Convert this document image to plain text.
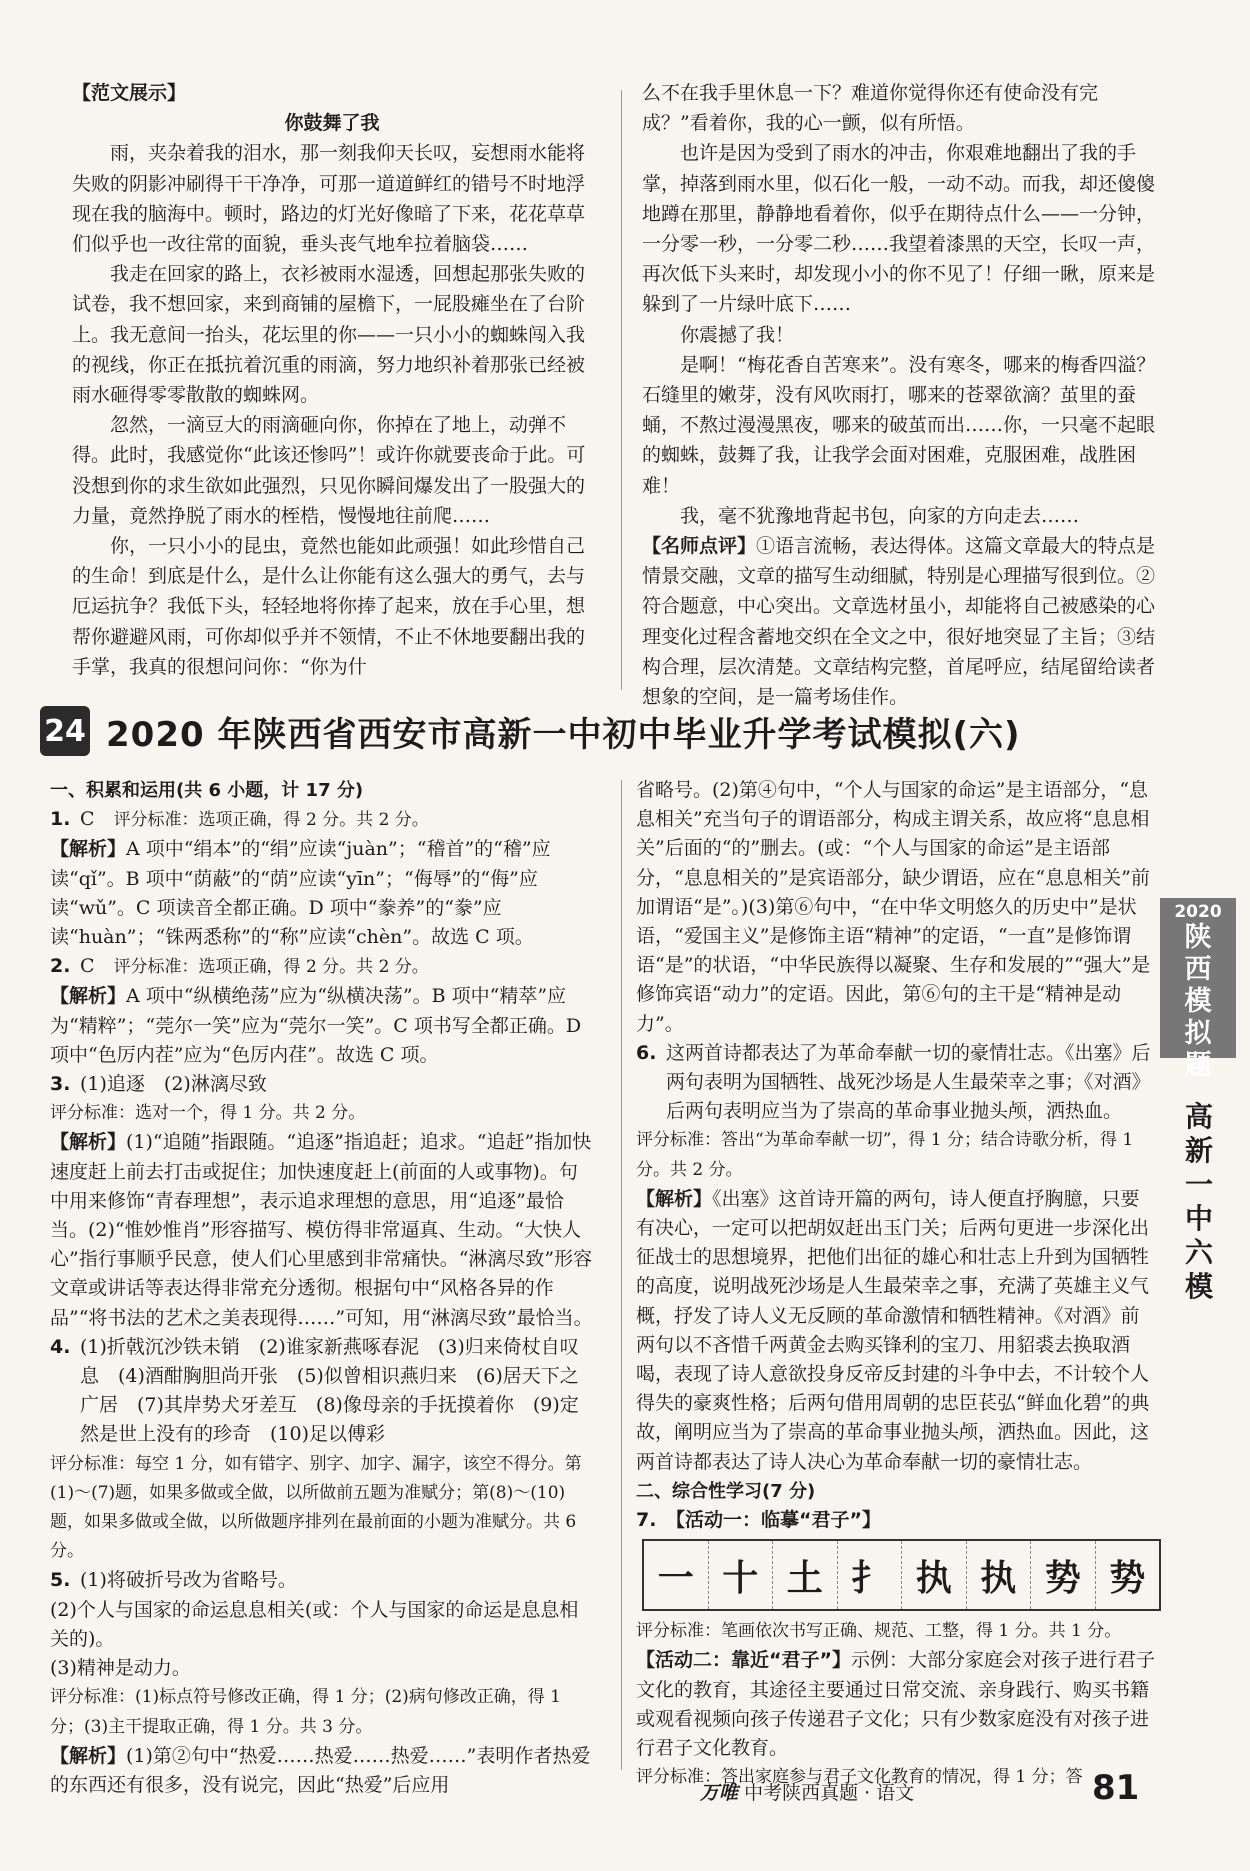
【范文展示】

你鼓舞了我

雨，夹杂着我的泪水，那一刻我仰天长叹，妄想雨水能将失败的阴影冲刷得干干净净，可那一道道鲜红的错号不时地浮现在我的脑海中。顿时，路边的灯光好像暗了下来，花花草草们似乎也一改往常的面貌，垂头丧气地牟拉着脑袋……

我走在回家的路上，衣衫被雨水湿透，回想起那张失败的试卷，我不想回家，来到商铺的屋檐下，一屁股瘫坐在了台阶上。我无意间一抬头，花坛里的你——一只小小的蜘蛛闯入我的视线，你正在抵抗着沉重的雨滴，努力地织补着那张已经被雨水砸得零零散散的蜘蛛网。

忽然，一滴豆大的雨滴砸向你，你掉在了地上，动弹不得。此时，我感觉你“此该还惨吗”！或许你就要丧命于此。可没想到你的求生欲如此强烈，只见你瞬间爆发出了一股强大的力量，竟然挣脱了雨水的桎梏，慢慢地往前爬……

你，一只小小的昆虫，竟然也能如此顽强！如此珍惜自己的生命！到底是什么，是什么让你能有这么强大的勇气，去与厄运抗争？我低下头，轻轻地将你捧了起来，放在手心里，想帮你避避风雨，可你却似乎并不领情，不止不休地要翻出我的手掌，我真的很想问问你：“你为什

么不在我手里休息一下？难道你觉得你还有使命没有完成？”看着你，我的心一颤，似有所悟。

也许是因为受到了雨水的冲击，你艰难地翻出了我的手掌，掉落到雨水里，似石化一般，一动不动。而我，却还傻傻地蹲在那里，静静地看着你，似乎在期待点什么——一分钟，一分零一秒，一分零二秒……我望着漆黑的天空，长叹一声，再次低下头来时，却发现小小的你不见了！仔细一瞅，原来是躲到了一片绿叶底下……

你震撼了我！

是啊！“梅花香自苦寒来”。没有寒冬，哪来的梅香四溢？石缝里的嫩芽，没有风吹雨打，哪来的苍翠欲滴？茧里的蚕蛹，不熬过漫漫黑夜，哪来的破茧而出……你，一只毫不起眼的蜘蛛，鼓舞了我，让我学会面对困难，克服困难，战胜困难！

我，毫不犹豫地背起书包，向家的方向走去……

【名师点评】①语言流畅，表达得体。这篇文章最大的特点是情景交融，文章的描写生动细腻，特别是心理描写很到位。②符合题意，中心突出。文章选材虽小，却能将自己被感染的心理变化过程含蓄地交织在全文之中，很好地突显了主旨；③结构合理，层次清楚。文章结构完整，首尾呼应，结尾留给读者想象的空间，是一篇考场佳作。

24 2020 年陕西省西安市高新一中初中毕业升学考试模拟(六)

一、积累和运用(共 6 小题，计 17 分)

1. C　 评分标准：选项正确，得 2 分。共 2 分。

【解析】A 项中“绢本”的“绢”应读“juàn”；“稽首”的“稽”应读“qǐ”。B 项中“荫蔽”的“荫”应读“yīn”；“侮辱”的“侮”应读“wǔ”。C 项读音全都正确。D 项中“豢养”的“豢”应读“huàn”；“铢两悉称”的“称”应读“chèn”。故选 C 项。

2. C　 评分标准：选项正确，得 2 分。共 2 分。

【解析】A 项中“纵横绝荡”应为“纵横决荡”。B 项中“精萃”应为“精粹”；“莞尔一笑”应为“莞尔一笑”。C 项书写全都正确。D 项中“色厉内茬”应为“色厉内荏”。故选 C 项。

3. (1)追逐　(2)淋漓尽致

评分标准：选对一个，得 1 分。共 2 分。

【解析】(1)“追随”指跟随。“追逐”指追赶；追求。“追赶”指加快速度赶上前去打击或捉住；加快速度赶上(前面的人或事物)。句中用来修饰“青春理想”，表示追求理想的意思，用“追逐”最恰当。(2)“惟妙惟肖”形容描写、模仿得非常逼真、生动。“大快人心”指行事顺乎民意，使人们心里感到非常痛快。“淋漓尽致”形容文章或讲话等表达得非常充分透彻。根据句中“风格各异的作品”“将书法的艺术之美表现得……”可知，用“淋漓尽致”最恰当。

4. (1)折戟沉沙铁未销　(2)谁家新燕啄春泥　(3)归来倚杖自叹息　(4)酒酣胸胆尚开张　(5)似曾相识燕归来　(6)居天下之广居　(7)其岸势犬牙差互　(8)像母亲的手抚摸着你　(9)定然是世上没有的珍奇　(10)足以傅彩

评分标准：每空 1 分，如有错字、别字、加字、漏字，该空不得分。第(1)～(7)题，如果多做或全做，以所做前五题为准赋分；第(8)～(10)题，如果多做或全做，以所做题序排列在最前面的小题为准赋分。共 6 分。

5. (1)将破折号改为省略号。

(2)个人与国家的命运息息相关(或：个人与国家的命运是息息相关的)。

(3)精神是动力。

评分标准：(1)标点符号修改正确，得 1 分；(2)病句修改正确，得 1 分；(3)主干提取正确，得 1 分。共 3 分。

【解析】(1)第②句中“热爱……热爱……热爱……”表明作者热爱的东西还有很多，没有说完，因此“热爱”后应用

省略号。(2)第④句中，“个人与国家的命运”是主语部分，“息息相关”充当句子的谓语部分，构成主谓关系，故应将“息息相关”后面的“的”删去。(或：“个人与国家的命运”是主语部分，“息息相关的”是宾语部分，缺少谓语，应在“息息相关”前加谓语“是”。)(3)第⑥句中，“在中华文明悠久的历史中”是状语，“爱国主义”是修饰主语“精神”的定语，“一直”是修饰谓语“是”的状语，“中华民族得以凝聚、生存和发展的”“强大”是修饰宾语“动力”的定语。因此，第⑥句的主干是“精神是动力”。

6. 这两首诗都表达了为革命奉献一切的豪情壮志。《出塞》后两句表明为国牺牲、战死沙场是人生最荣幸之事；《对酒》后两句表明应当为了崇高的革命事业抛头颅，洒热血。

评分标准：答出“为革命奉献一切”，得 1 分；结合诗歌分析，得 1 分。共 2 分。

【解析】《出塞》这首诗开篇的两句，诗人便直抒胸臆，只要有决心，一定可以把胡奴赶出玉门关；后两句更进一步深化出征战士的思想境界，把他们出征的雄心和壮志上升到为国牺牲的高度，说明战死沙场是人生最荣幸之事，充满了英雄主义气概，抒发了诗人义无反顾的革命激情和牺牲精神。《对酒》前两句以不吝惜千两黄金去购买锋利的宝刀、用貂裘去换取酒喝，表现了诗人意欲投身反帝反封建的斗争中去，不计较个人得失的豪爽性格；后两句借用周朝的忠臣苌弘“鲜血化碧”的典故，阐明应当为了崇高的革命事业抛头颅，洒热血。因此，这两首诗都表达了诗人决心为革命奉献一切的豪情壮志。

二、综合性学习(7 分)

7. 【活动一：临摹“君子”】
一 十 土 扌 执 执 势 势

评分标准：笔画依次书写正确、规范、工整，得 1 分。共 1 分。

【活动二：靠近“君子”】示例：大部分家庭会对孩子进行君子文化的教育，其途径主要通过日常交流、亲身践行、购买书籍或观看视频向孩子传递君子文化；只有少数家庭没有对孩子进行君子文化教育。

评分标准：答出家庭参与君子文化教育的情况，得 1 分；答

2020
陕
西
模
拟
题
高
新
一
中
六
模
万唯 中考陕西真题 · 语文	81
